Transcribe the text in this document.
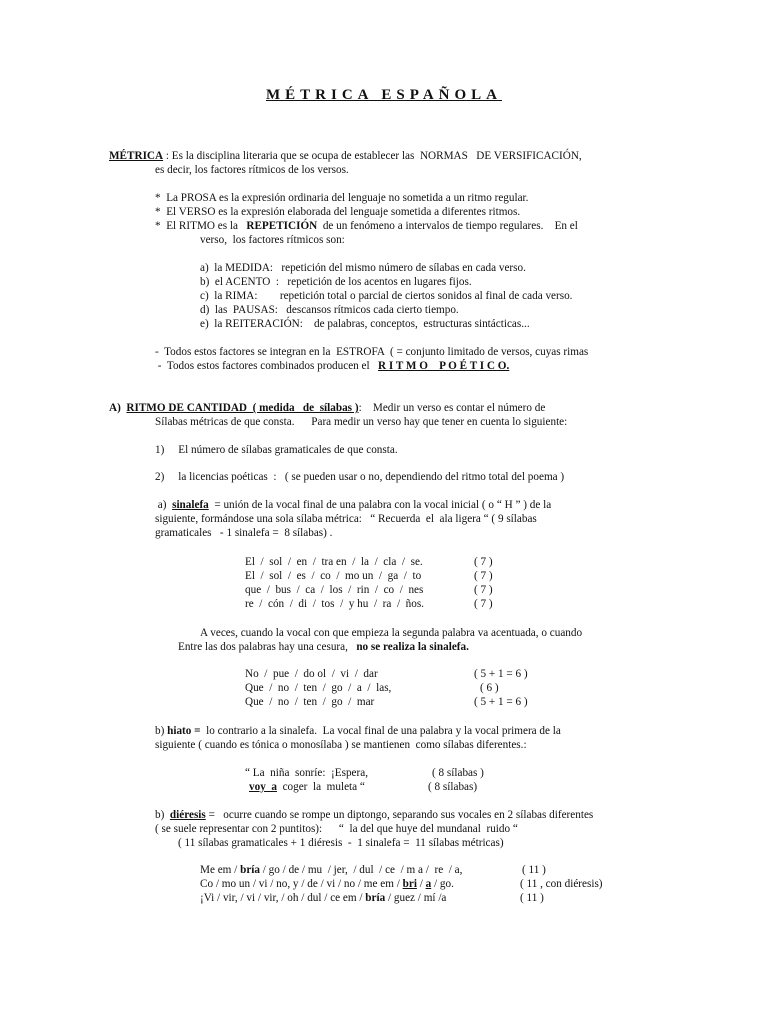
MÉTRICA ESPAÑOLA
MÉTRICA : Es la disciplina literaria que se ocupa de establecer las  NORMAS   DE VERSIFICACIÓN,
es decir, los factores rítmicos de los versos.
*  La PROSA es la expresión ordinaria del lenguaje no sometida a un ritmo regular.
*  El VERSO es la expresión elaborada del lenguaje sometida a diferentes ritmos.
*  El RITMO es la   REPETICIÓN  de un fenómeno a intervalos de tiempo regulares.    En el
verso,  los factores rítmicos son:
a)  la MEDIDA:   repetición del mismo número de sílabas en cada verso.
b)  el ACENTO  :   repetición de los acentos en lugares fijos.
c)  la RIMA:        repetición total o parcial de ciertos sonidos al final de cada verso.
d)  las  PAUSAS:   descansos rítmicos cada cierto tiempo.
e)  la REITERACIÓN:    de palabras, conceptos,  estructuras sintácticas...
-  Todos estos factores se integran en la  ESTROFA  ( = conjunto limitado de versos, cuyas rimas
-  Todos estos factores combinados producen el   R I T M O    P O É T I C O.
A)  RITMO DE CANTIDAD  ( medida   de  sílabas ):    Medir un verso es contar el número de
Sílabas métricas de que consta.      Para medir un verso hay que tener en cuenta lo siguiente:
1)     El número de sílabas gramaticales de que consta.
2)     la licencias poéticas  :   ( se pueden usar o no, dependiendo del ritmo total del poema )
a)  sinalefa  = unión de la vocal final de una palabra con la vocal inicial ( o “ H ” ) de la
siguiente, formándose una sola sílaba métrica:   “ Recuerda  el  ala ligera “ ( 9 sílabas
gramaticales   - 1 sinalefa =  8 sílabas) .
El  /  sol  /  en  /  tra en  /  la  /  cla  /  se.	( 7 )
El  /  sol  /  es  /  co  /  mo un  /  ga  /  to	( 7 )
que  /  bus  /  ca  /  los  /  rin  /  co  /  nes	( 7 )
re  /  cón  /  di  /  tos  /  y hu  /  ra  /  ños.	( 7 )
A veces, cuando la vocal con que empieza la segunda palabra va acentuada, o cuando
Entre las dos palabras hay una cesura,   no se realiza la sinalefa.
No  /  pue  /  do ol  /  vi  /  dar	( 5 + 1 = 6 )
Que  /  no  /  ten  /  go  /  a  /  las,	( 6 )
Que  /  no  /  ten  /  go  /  mar	( 5 + 1 = 6 )
b) hiato =  lo contrario a la sinalefa.  La vocal final de una palabra y la vocal primera de la
siguiente ( cuando es tónica o monosílaba ) se mantienen  como sílabas diferentes.:
“ La  niña  sonríe:  ¡Espera,	( 8 sílabas )
voy  a  coger  la  muleta “	( 8 sílabas)
b)  diéresis =   ocurre cuando se rompe un diptongo, separando sus vocales en 2 sílabas diferentes
( se suele representar con 2 puntitos):      “  la del que huye del mundanal  ruido “
( 11 sílabas gramaticales + 1 diéresis  -  1 sinalefa =  11 sílabas métricas)
Me em / bría / go / de / mu  / jer,  / dul  / ce  / m a /  re  / a,	( 11 )
Co / mo un / vi / no, y / de / vi / no / me em / bri / a / go.	( 11 , con diéresis)
¡Vi / vir, / vi / vir, / oh / dul / ce em / bría / guez / mí /a	( 11 )
